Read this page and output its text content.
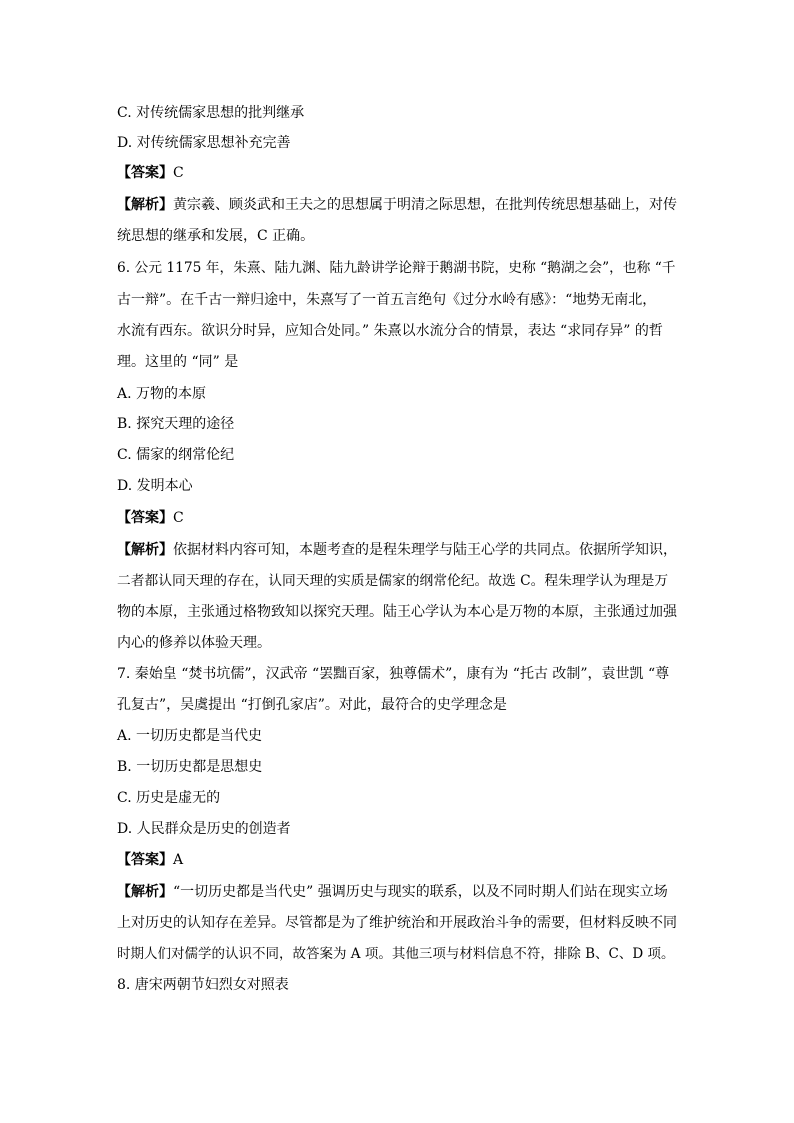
C. 对传统儒家思想的批判继承
D. 对传统儒家思想补充完善
【答案】C
【解析】黄宗羲、顾炎武和王夫之的思想属于明清之际思想，在批判传统思想基础上，对传
统思想的继承和发展，C 正确。
6. 公元 1175 年，朱熹、陆九渊、陆九龄讲学论辩于鹅湖书院，史称 “鹅湖之会”，也称 “千
古一辩”。在千古一辩归途中，朱熹写了一首五言绝句《过分水岭有感》：“地势无南北，
水流有西东。欲识分时异，应知合处同。” 朱熹以水流分合的情景，表达 “求同存异” 的哲
理。这里的 “同” 是
A. 万物的本原
B. 探究天理的途径
C. 儒家的纲常伦纪
D. 发明本心
【答案】C
【解析】依据材料内容可知，本题考查的是程朱理学与陆王心学的共同点。依据所学知识，
二者都认同天理的存在，认同天理的实质是儒家的纲常伦纪。故选 C。程朱理学认为理是万
物的本原，主张通过格物致知以探究天理。陆王心学认为本心是万物的本原，主张通过加强
内心的修养以体验天理。
7. 秦始皇 “焚书坑儒”，汉武帝 “罢黜百家，独尊儒术”，康有为 “托古 改制”，袁世凯 “尊
孔复古”，吴虞提出 “打倒孔家店”。对此，最符合的史学理念是
A. 一切历史都是当代史
B. 一切历史都是思想史
C. 历史是虚无的
D. 人民群众是历史的创造者
【答案】A
【解析】“一切历史都是当代史” 强调历史与现实的联系，以及不同时期人们站在现实立场
上对历史的认知存在差异。尽管都是为了维护统治和开展政治斗争的需要，但材料反映不同
时期人们对儒学的认识不同，故答案为 A 项。其他三项与材料信息不符，排除 B、C、D 项。
8. 唐宋两朝节妇烈女对照表
